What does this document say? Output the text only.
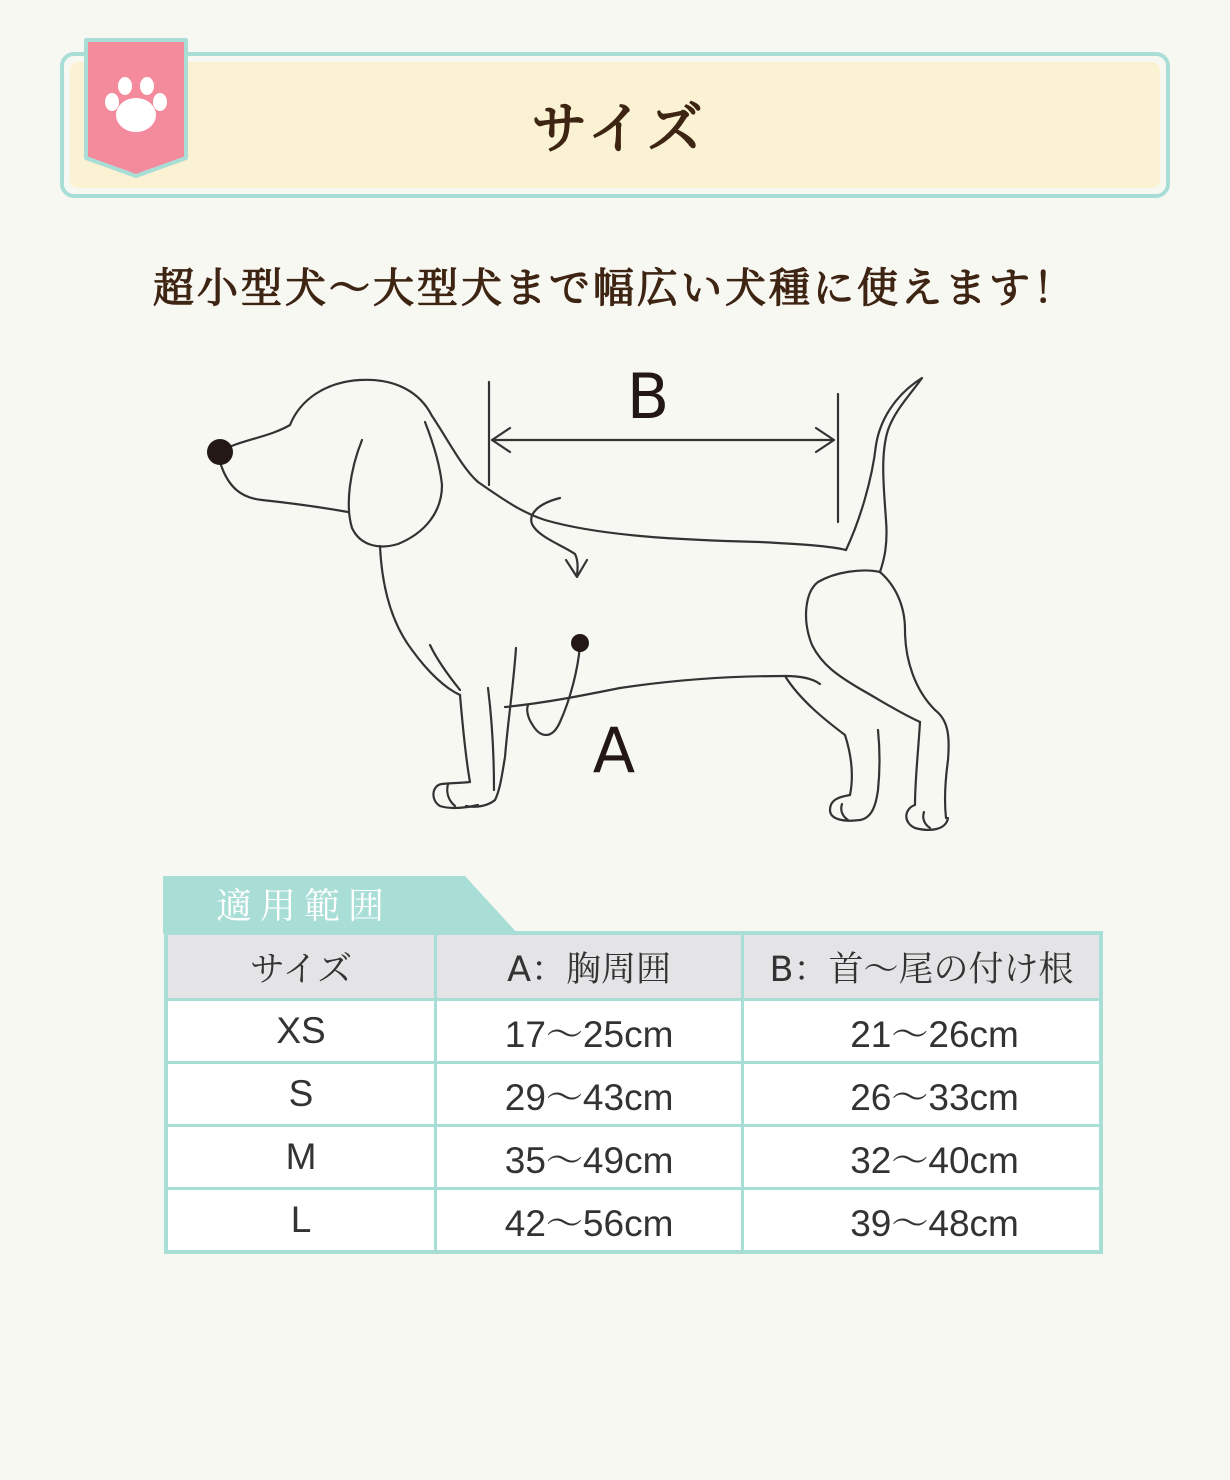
サイズ
超小型犬〜大型犬まで幅広い犬種に使えます！
B
A
適用範囲
サイズ	A：胸周囲	B：首〜尾の付け根
XS	17〜25cm	21〜26cm
S	29〜43cm	26〜33cm
M	35〜49cm	32〜40cm
L	42〜56cm	39〜48cm
